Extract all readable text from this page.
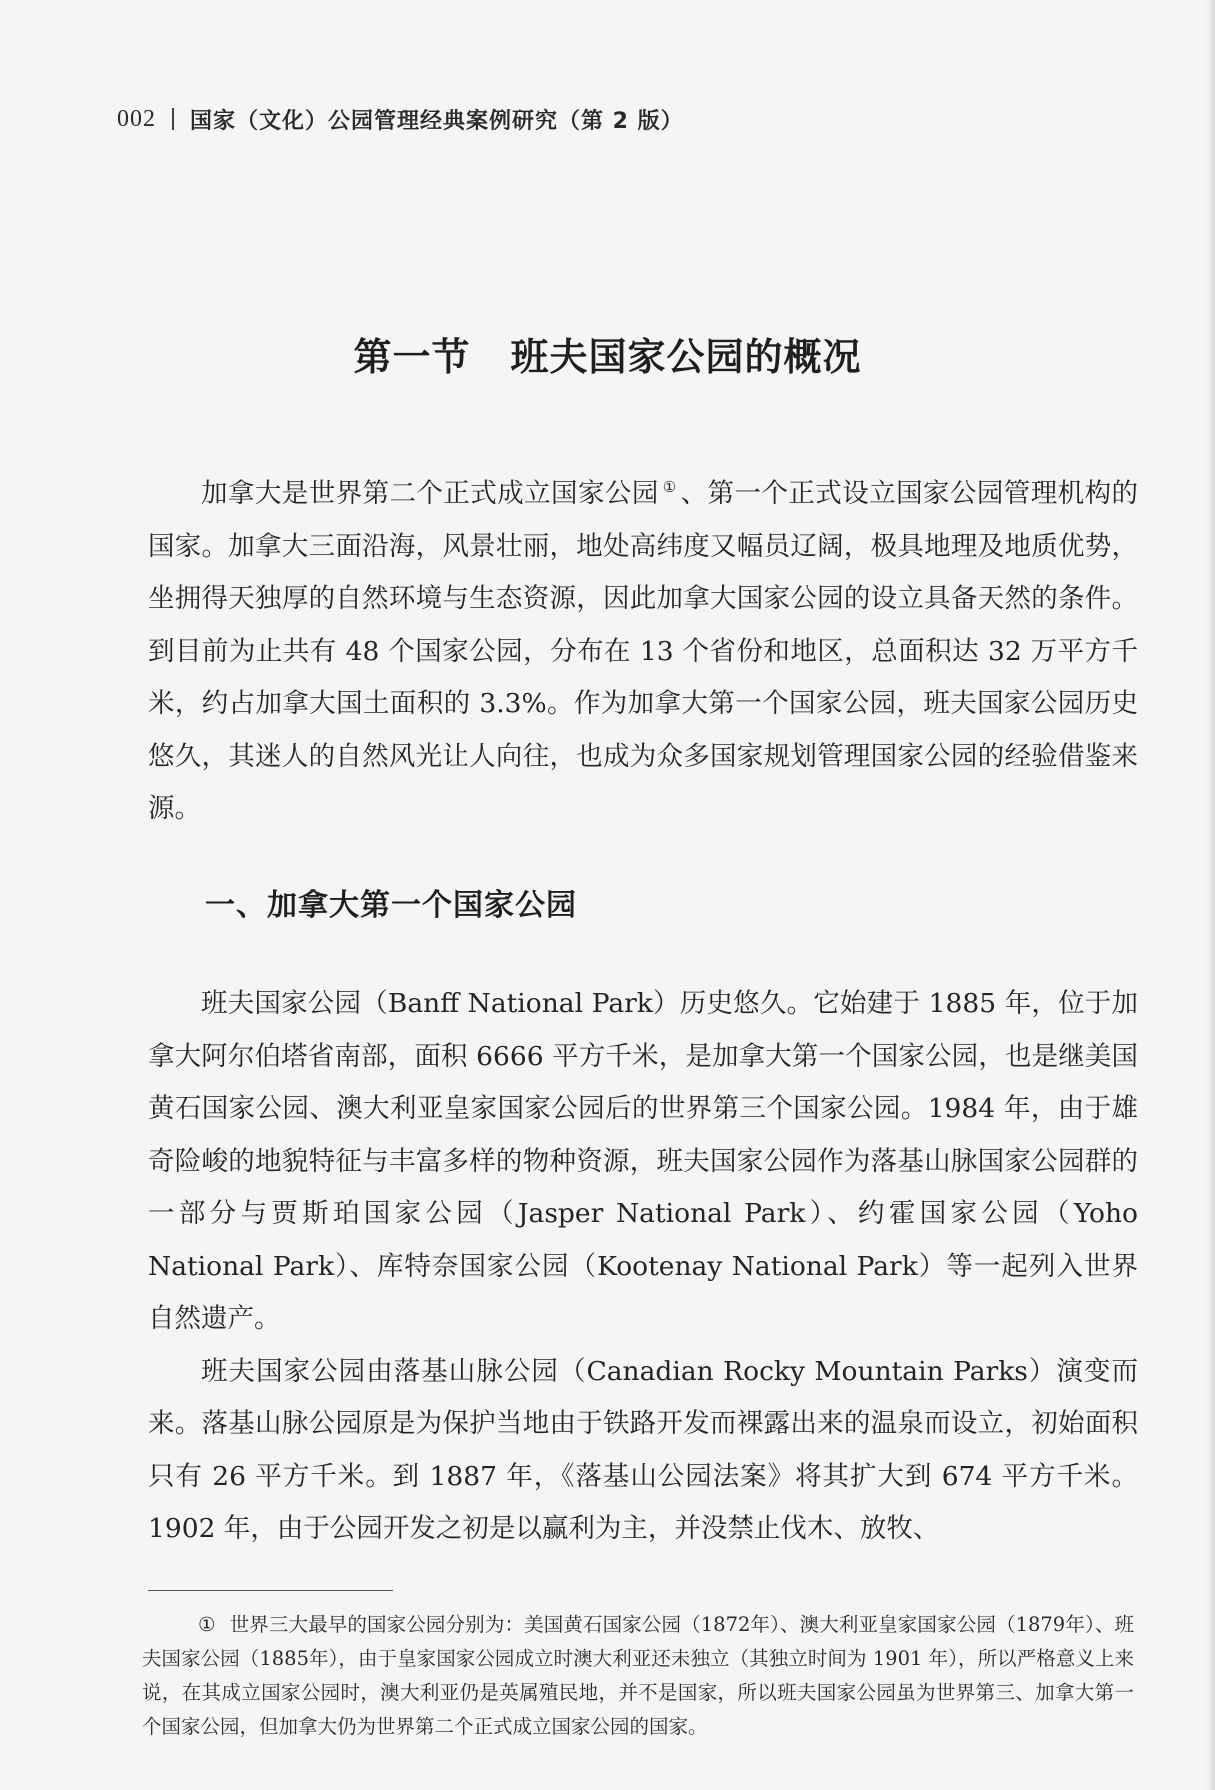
002 国家（文化）公园管理经典案例研究（第 2 版）
第一节 班夫国家公园的概况

加拿大是世界第二个正式成立国家公园 ① 、第一个正式设立国家公园管理机构的国家。加拿大三面沿海，风景壮丽，地处高纬度又幅员辽阔，极具地理及地质优势，坐拥得天独厚的自然环境与生态资源，因此加拿大国家公园的设立具备天然的条件。到目前为止共有 48 个国家公园，分布在 13 个省份和地区，总面积达 32 万平方千米，约占加拿大国土面积的 3.3%。作为加拿大第一个国家公园，班夫国家公园历史悠久，其迷人的自然风光让人向往，也成为众多国家规划管理国家公园的经验借鉴来源。

一、加拿大第一个国家公园

班夫国家公园（Banff National Park）历史悠久。它始建于 1885 年，位于加拿大阿尔伯塔省南部，面积 6666 平方千米，是加拿大第一个国家公园，也是继美国黄石国家公园、澳大利亚皇家国家公园后的世界第三个国家公园。1984 年，由于雄奇险峻的地貌特征与丰富多样的物种资源，班夫国家公园作为落基山脉国家公园群的一部分与贾斯珀国家公园（Jasper National Park）、约霍国家公园（Yoho National Park）、库特奈国家公园（Kootenay National Park）等一起列入世界自然遗产。

班夫国家公园由落基山脉公园（Canadian Rocky Mountain Parks）演变而来。落基山脉公园原是为保护当地由于铁路开发而裸露出来的温泉而设立，初始面积只有 26 平方千米。到 1887 年，《落基山公园法案》将其扩大到 674 平方千米。1902 年，由于公园开发之初是以赢利为主，并没禁止伐木、放牧、

① 世界三大最早的国家公园分别为：美国黄石国家公园（1872年）、澳大利亚皇家国家公园（1879年）、班夫国家公园（1885年），由于皇家国家公园成立时澳大利亚还未独立（其独立时间为 1901 年），所以严格意义上来说，在其成立国家公园时，澳大利亚仍是英属殖民地，并不是国家，所以班夫国家公园虽为世界第三、加拿大第一个国家公园，但加拿大仍为世界第二个正式成立国家公园的国家。
